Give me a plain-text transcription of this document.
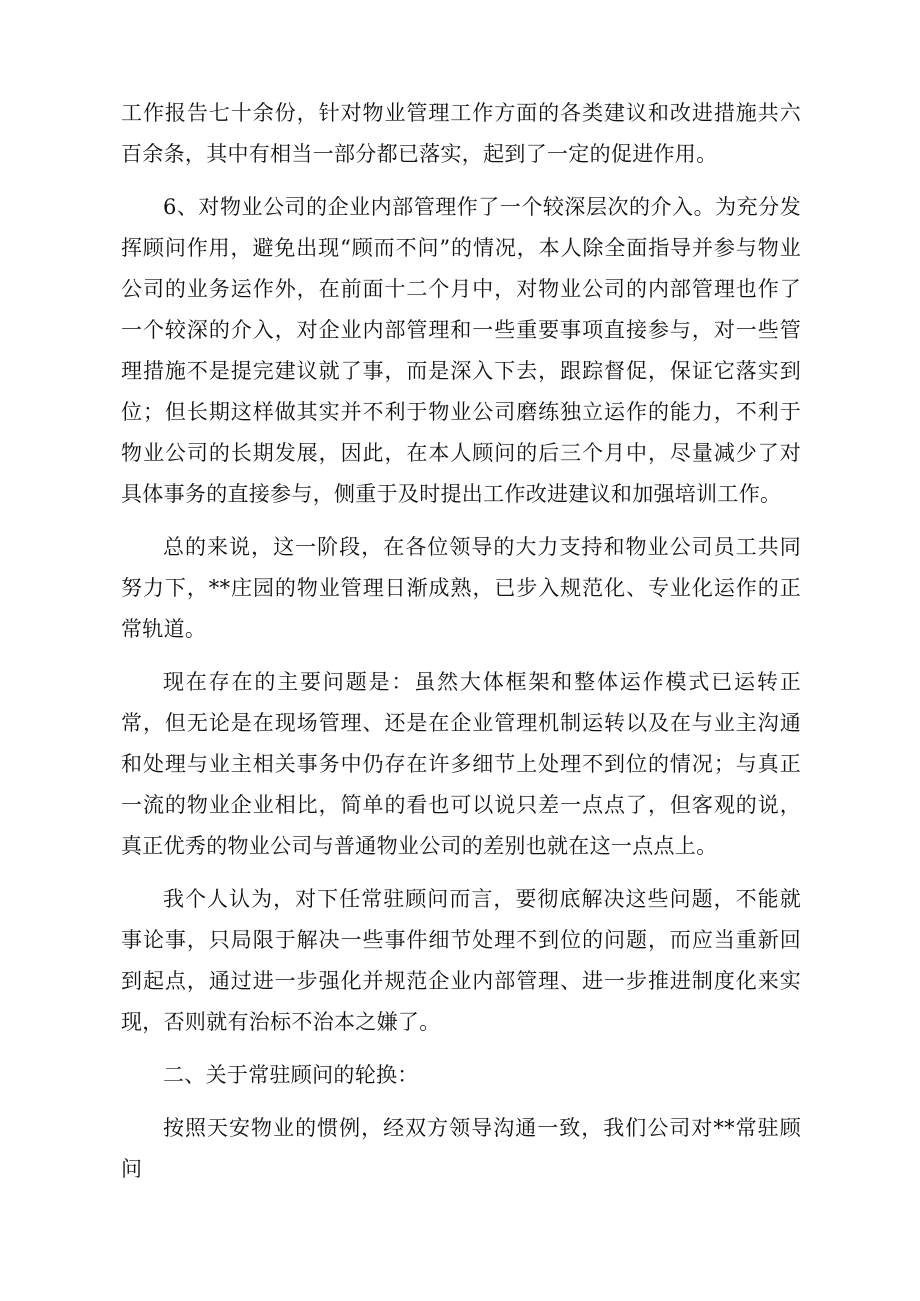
工作报告七十余份，针对物业管理工作方面的各类建议和改进措施共六百余条，其中有相当一部分都已落实，起到了一定的促进作用。

6、对物业公司的企业内部管理作了一个较深层次的介入。为充分发挥顾问作用，避免出现“顾而不问”的情况，本人除全面指导并参与物业公司的业务运作外，在前面十二个月中，对物业公司的内部管理也作了一个较深的介入，对企业内部管理和一些重要事项直接参与，对一些管理措施不是提完建议就了事，而是深入下去，跟踪督促，保证它落实到位；但长期这样做其实并不利于物业公司磨练独立运作的能力，不利于物业公司的长期发展，因此，在本人顾问的后三个月中，尽量减少了对具体事务的直接参与，侧重于及时提出工作改进建议和加强培训工作。

总的来说，这一阶段，在各位领导的大力支持和物业公司员工共同努力下，**庄园的物业管理日渐成熟，已步入规范化、专业化运作的正常轨道。

现在存在的主要问题是：虽然大体框架和整体运作模式已运转正常，但无论是在现场管理、还是在企业管理机制运转以及在与业主沟通和处理与业主相关事务中仍存在许多细节上处理不到位的情况；与真正一流的物业企业相比，简单的看也可以说只差一点点了，但客观的说，真正优秀的物业公司与普通物业公司的差别也就在这一点点上。

我个人认为，对下任常驻顾问而言，要彻底解决这些问题，不能就事论事，只局限于解决一些事件细节处理不到位的问题，而应当重新回到起点，通过进一步强化并规范企业内部管理、进一步推进制度化来实现，否则就有治标不治本之嫌了。

二、关于常驻顾问的轮换：

按照天安物业的惯例，经双方领导沟通一致，我们公司对**常驻顾问
